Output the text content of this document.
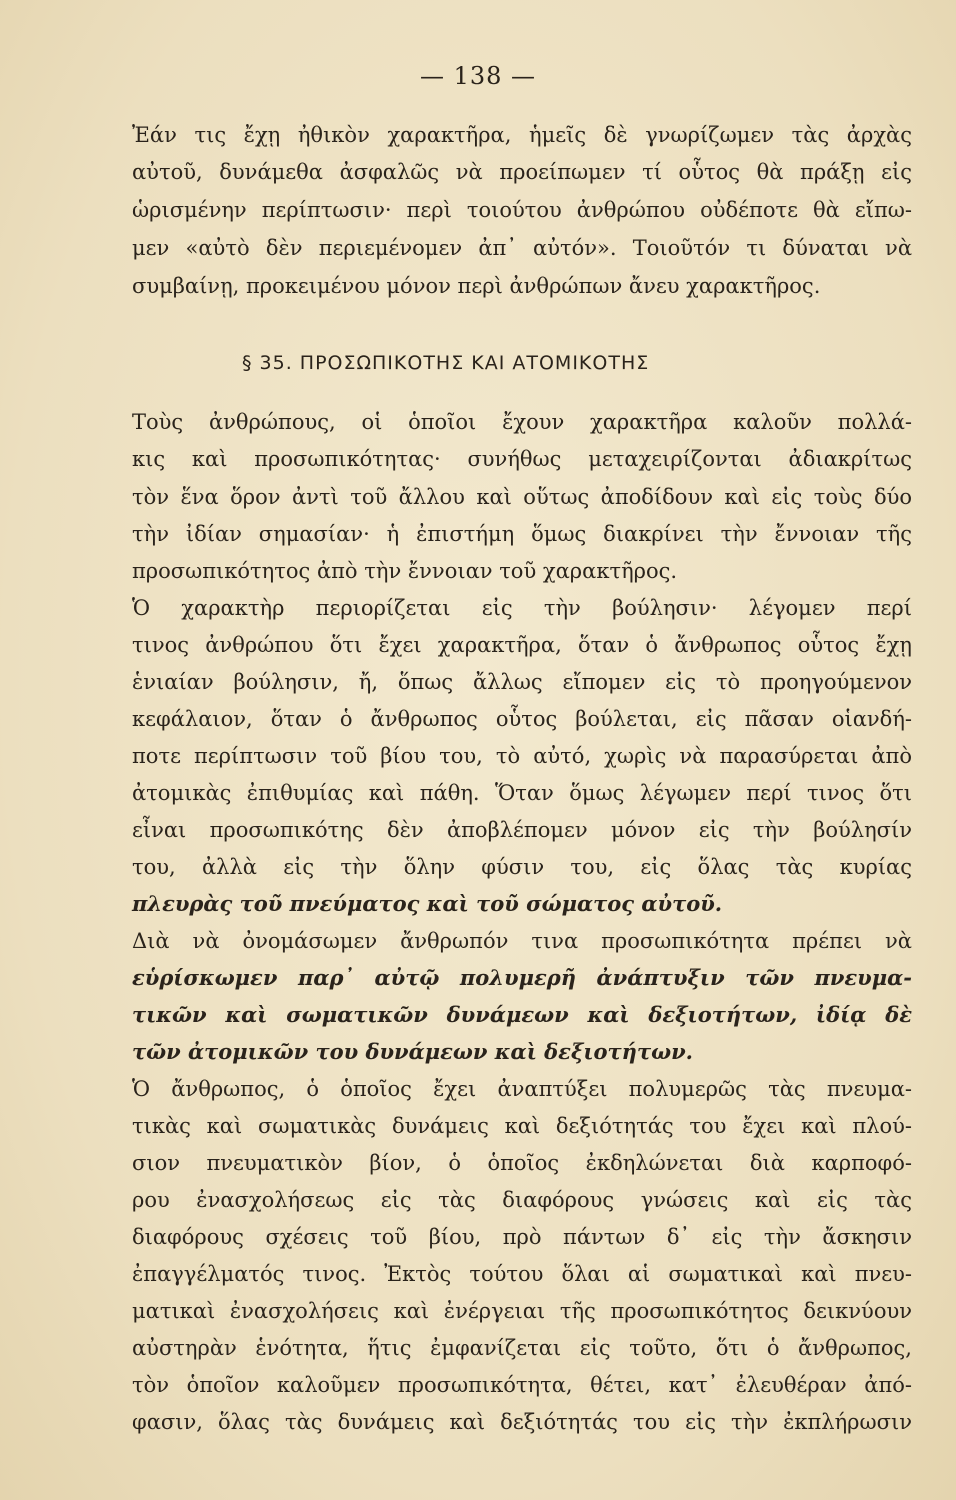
— 138 —
Ἐάν τις ἔχῃ ἠθικὸν χαρακτῆρα, ἡμεῖς δὲ γνωρίζωμεν τὰς ἀρχὰς
αὐτοῦ, δυνάμεθα ἀσφαλῶς νὰ προείπωμεν τί οὗτος θὰ πράξῃ εἰς
ὡρισμένην περίπτωσιν· περὶ τοιούτου ἀνθρώπου οὐδέποτε θὰ εἴπω-
μεν «αὐτὸ δὲν περιεμένομεν ἀπ᾿ αὐτόν». Τοιοῦτόν τι δύναται νὰ
συμβαίνῃ, προκειμένου μόνον περὶ ἀνθρώπων ἄνευ χαρακτῆρος.
§ 35. ΠΡΟΣΩΠΙΚΟΤΗΣ ΚΑΙ ΑΤΟΜΙΚΟΤΗΣ
Τοὺς ἀνθρώπους, οἱ ὁποῖοι ἔχουν χαρακτῆρα καλοῦν πολλά-
κις καὶ προσωπικότητας· συνήθως μεταχειρίζονται ἀδιακρίτως
τὸν ἕνα ὅρον ἀντὶ τοῦ ἄλλου καὶ οὕτως ἀποδίδουν καὶ εἰς τοὺς δύο
τὴν ἰδίαν σημασίαν· ἡ ἐπιστήμη ὅμως διακρίνει τὴν ἔννοιαν τῆς
προσωπικότητος ἀπὸ τὴν ἔννοιαν τοῦ χαρακτῆρος.
Ὁ χαρακτὴρ περιορίζεται εἰς τὴν βούλησιν· λέγομεν περί
τινος ἀνθρώπου ὅτι ἔχει χαρακτῆρα, ὅταν ὁ ἄνθρωπος οὗτος ἔχῃ
ἑνιαίαν βούλησιν, ἤ, ὅπως ἄλλως εἴπομεν εἰς τὸ προηγούμενον
κεφάλαιον, ὅταν ὁ ἄνθρωπος οὗτος βούλεται, εἰς πᾶσαν οἱανδή-
ποτε περίπτωσιν τοῦ βίου του, τὸ αὐτό, χωρὶς νὰ παρασύρεται ἀπὸ
ἀτομικὰς ἐπιθυμίας καὶ πάθη. Ὅταν ὅμως λέγωμεν περί τινος ὅτι
εἶναι προσωπικότης δὲν ἀποβλέπομεν μόνον εἰς τὴν βούλησίν
του, ἀλλὰ εἰς τὴν ὅλην φύσιν του, εἰς ὅλας τὰς κυρίας
πλευρὰς τοῦ πνεύματος καὶ τοῦ σώματος αὐτοῦ.
Διὰ νὰ ὀνομάσωμεν ἄνθρωπόν τινα προσωπικότητα πρέπει νὰ
εὑρίσκωμεν παρ᾿ αὐτῷ πολυμερῆ ἀνάπτυξιν τῶν πνευμα-
τικῶν καὶ σωματικῶν δυνάμεων καὶ δεξιοτήτων, ἰδίᾳ δὲ
τῶν ἀτομικῶν του δυνάμεων καὶ δεξιοτήτων.
Ὁ ἄνθρωπος, ὁ ὁποῖος ἔχει ἀναπτύξει πολυμερῶς τὰς πνευμα-
τικὰς καὶ σωματικὰς δυνάμεις καὶ δεξιότητάς του ἔχει καὶ πλού-
σιον πνευματικὸν βίον, ὁ ὁποῖος ἐκδηλώνεται διὰ καρποφό-
ρου ἐνασχολήσεως εἰς τὰς διαφόρους γνώσεις καὶ εἰς τὰς
διαφόρους σχέσεις τοῦ βίου, πρὸ πάντων δ᾿ εἰς τὴν ἄσκησιν
ἐπαγγέλματός τινος. Ἐκτὸς τούτου ὅλαι αἱ σωματικαὶ καὶ πνευ-
ματικαὶ ἐνασχολήσεις καὶ ἐνέργειαι τῆς προσωπικότητος δεικνύουν
αὐστηρὰν ἑνότητα, ἥτις ἐμφανίζεται εἰς τοῦτο, ὅτι ὁ ἄνθρωπος,
τὸν ὁποῖον καλοῦμεν προσωπικότητα, θέτει, κατ᾿ ἐλευθέραν ἀπό-
φασιν, ὅλας τὰς δυνάμεις καὶ δεξιότητάς του εἰς τὴν ἐκπλήρωσιν
